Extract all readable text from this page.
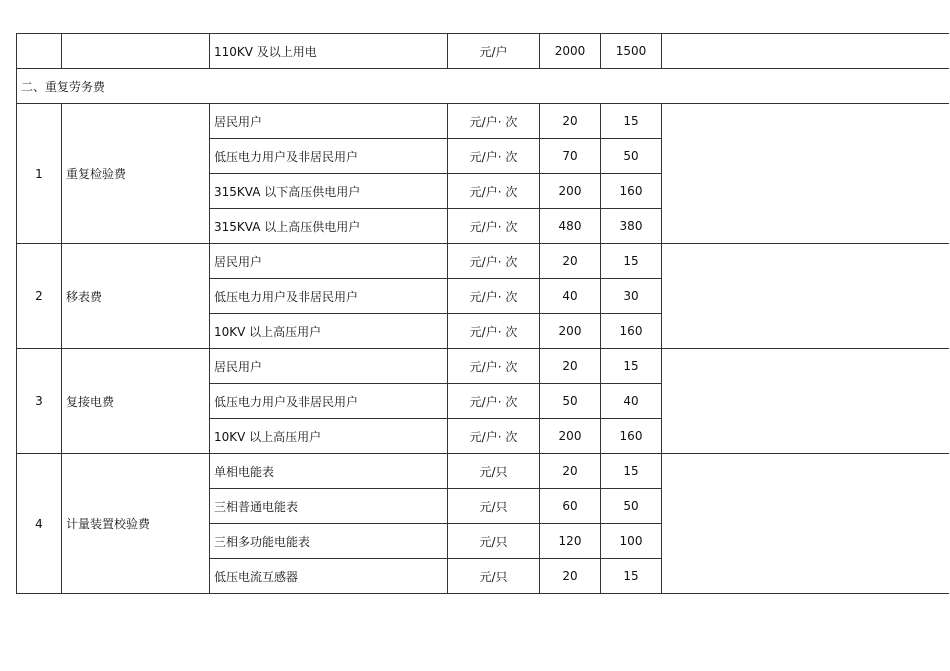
		110KV 及以上用电	元/户	2000	1500	
二、重复劳务费						
1	重复检验费	居民用户	元/户· 次	20	15	
		低压电力用户及非居民用户	元/户· 次	70	50	
		315KVA 以下高压供电用户	元/户· 次	200	160	
		315KVA 以上高压供电用户	元/户· 次	480	380	
2	移表费	居民用户	元/户· 次	20	15	
		低压电力用户及非居民用户	元/户· 次	40	30	
		10KV 以上高压用户	元/户· 次	200	160	
3	复接电费	居民用户	元/户· 次	20	15	
		低压电力用户及非居民用户	元/户· 次	50	40	
		10KV 以上高压用户	元/户· 次	200	160	
4	计量装置校验费	单相电能表	元/只	20	15	
		三相普通电能表	元/只	60	50	
		三相多功能电能表	元/只	120	100	
		低压电流互感器	元/只	20	15	
